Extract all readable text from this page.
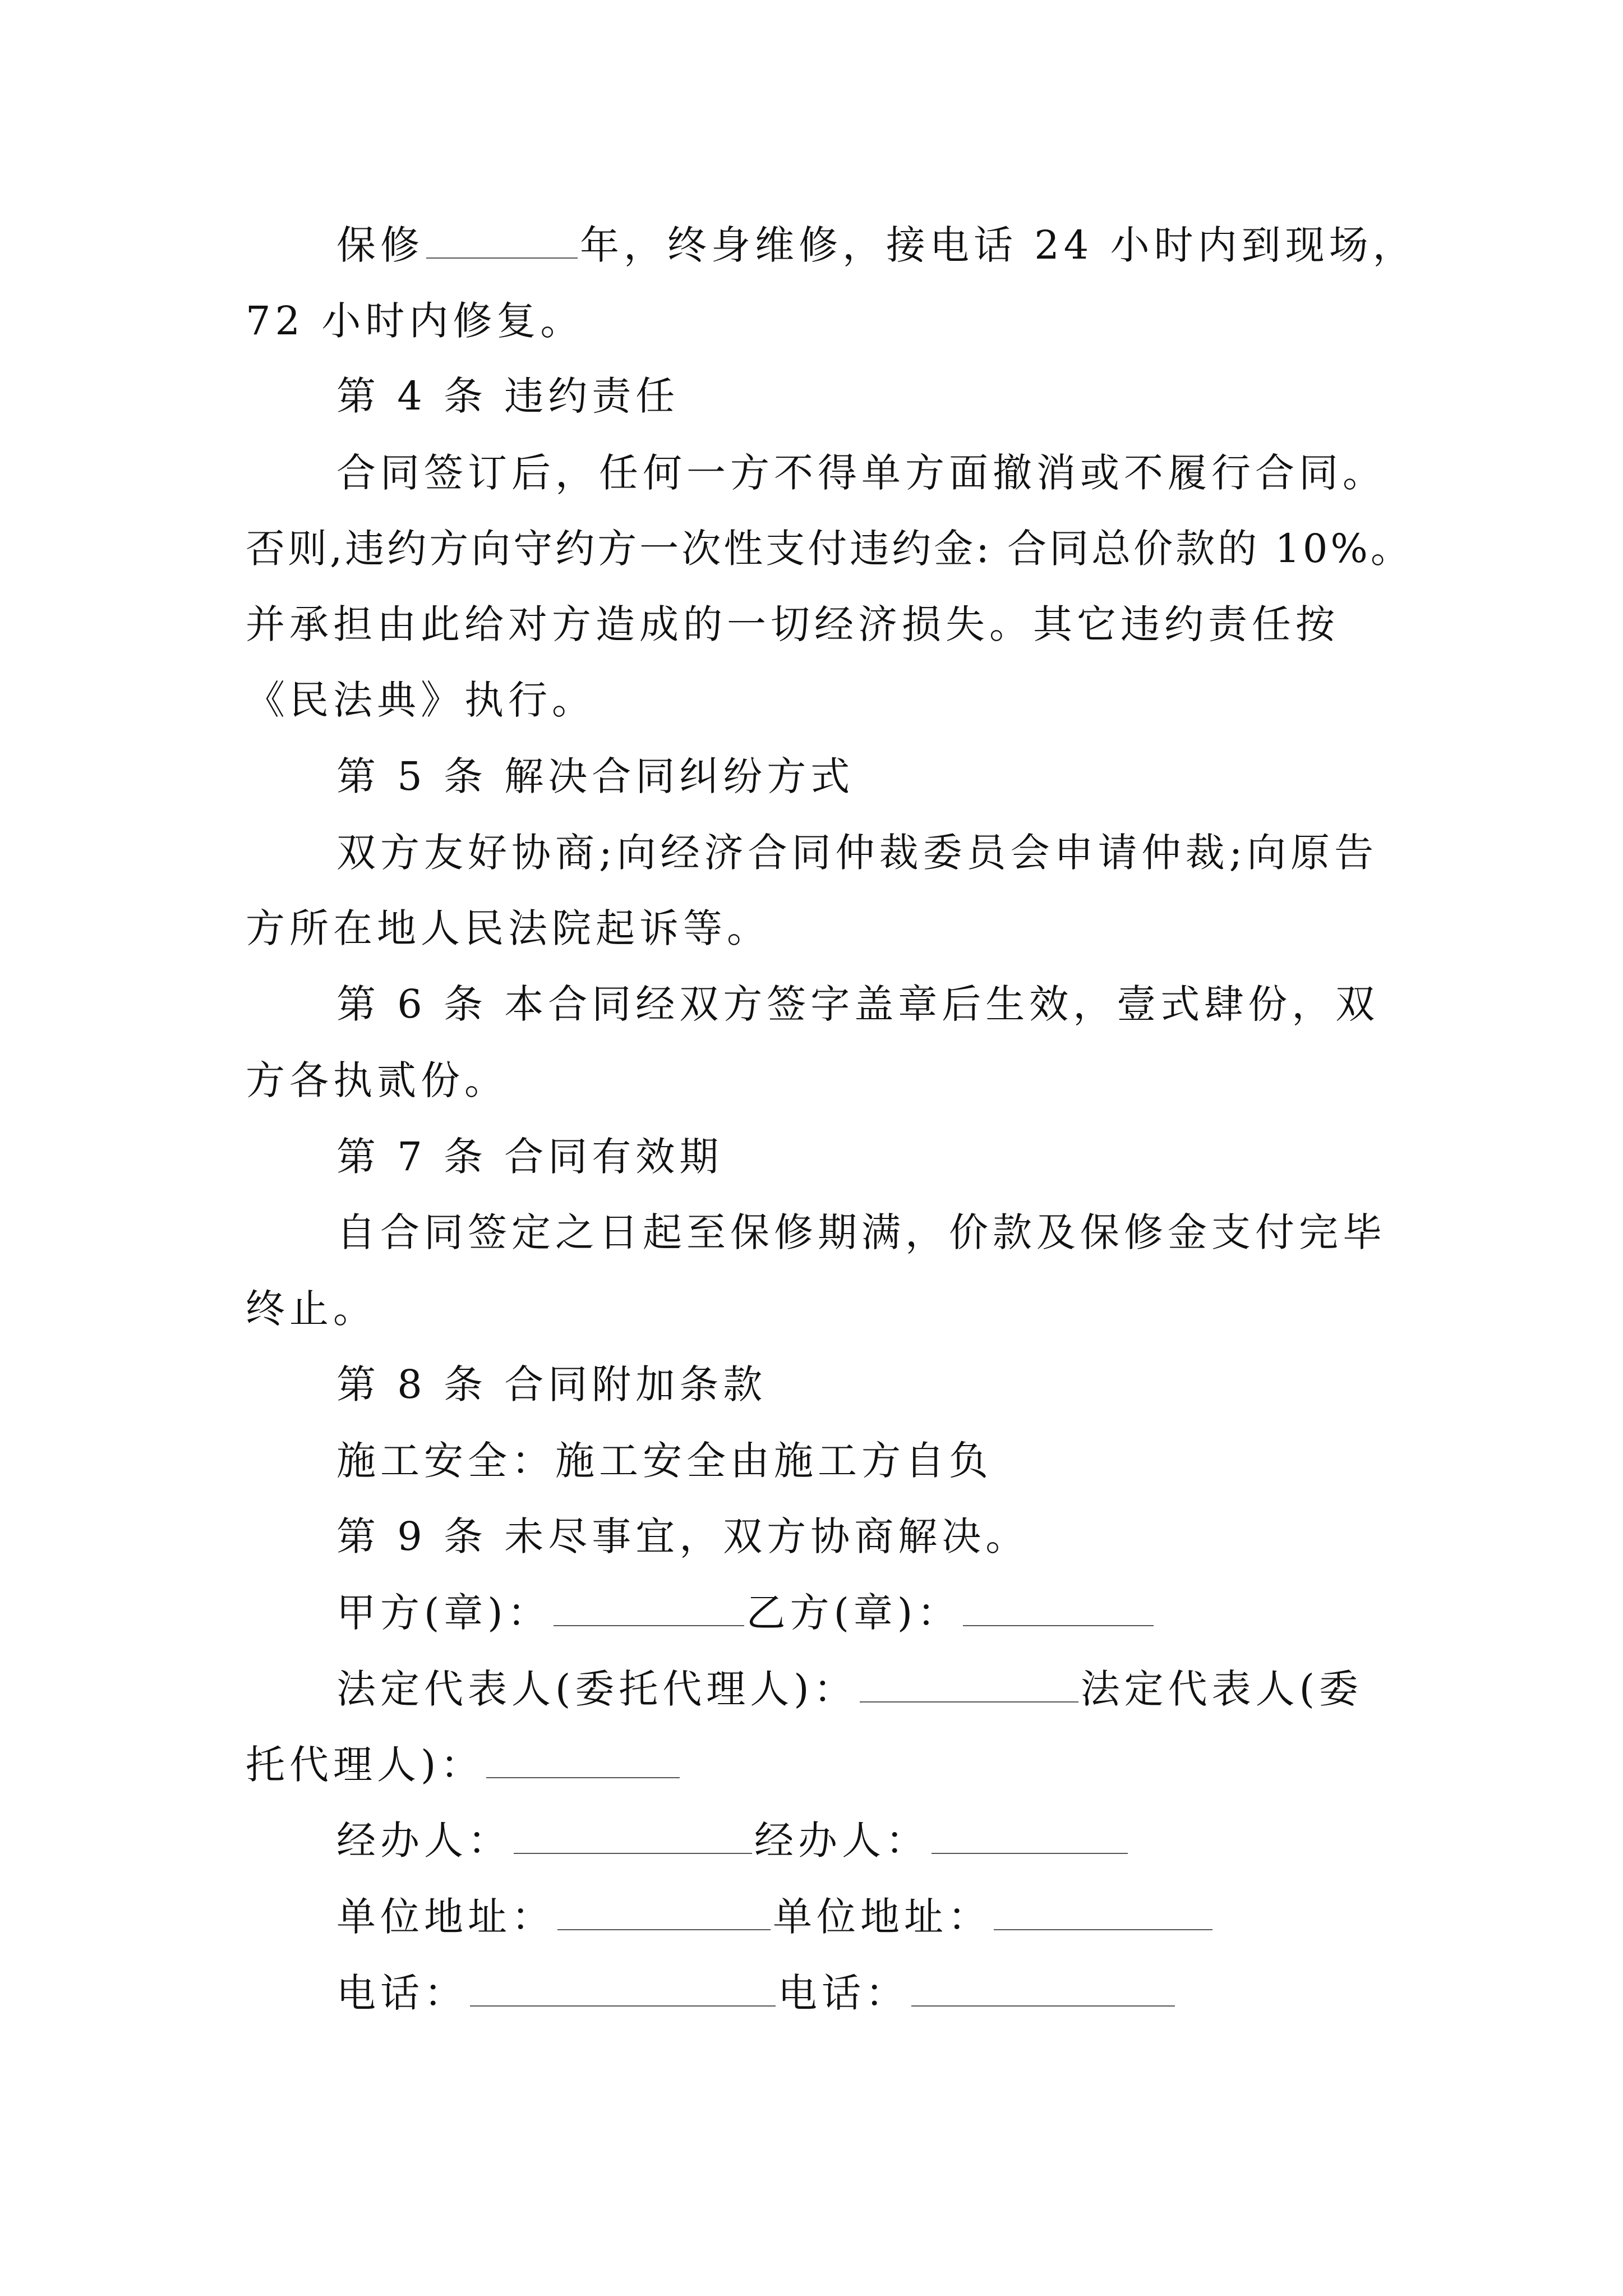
保修	年，终身维修，接电话 24 小时内到现场，
72 小时内修复。
第 4 条 违约责任
合同签订后，任何一方不得单方面撤消或不履行合同。
否则,违约方向守约方一次性支付违约金: 合同总价款的 10%。
并承担由此给对方造成的一切经济损失。其它违约责任按
《民法典》执行。
第 5 条 解决合同纠纷方式
双方友好协商;向经济合同仲裁委员会申请仲裁;向原告
方所在地人民法院起诉等。
第 6 条 本合同经双方签字盖章后生效，壹式肆份，双
方各执贰份。
第 7 条 合同有效期
自合同签定之日起至保修期满，价款及保修金支付完毕
终止。
第 8 条 合同附加条款
施工安全：施工安全由施工方自负
第 9 条 未尽事宜，双方协商解决。
甲方(章)：	乙方(章)：
法定代表人(委托代理人)：	法定代表人(委
托代理人)：
经办人：	经办人：
单位地址：	单位地址：
电话：	电话：
